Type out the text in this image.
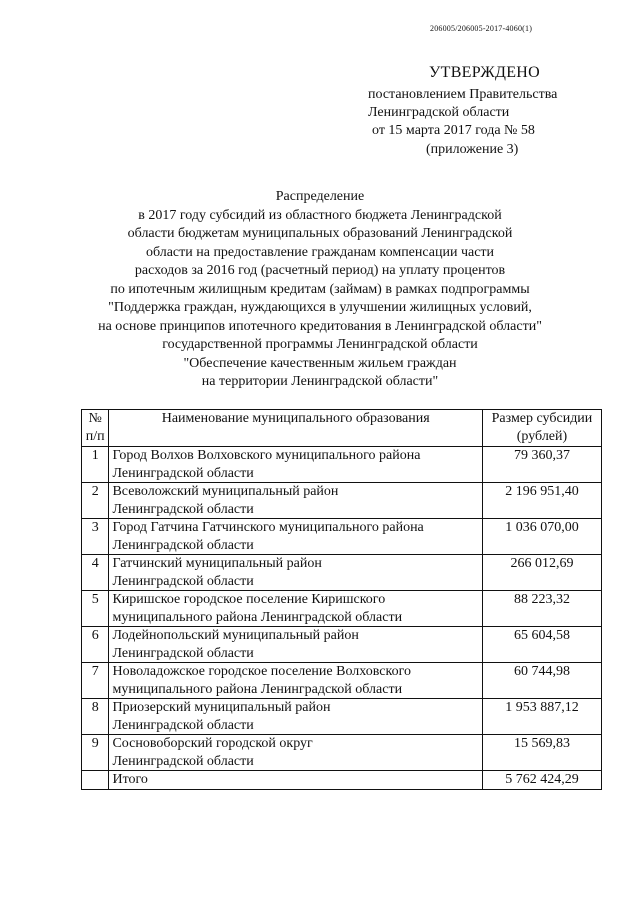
206005/206005-2017-4060(1)
УТВЕРЖДЕНО
постановлением Правительства
Ленинградской области
от 15 марта 2017 года № 58
(приложение 3)
Распределение
в 2017 году субсидий из областного бюджета Ленинградской
области бюджетам муниципальных образований Ленинградской
области на предоставление гражданам компенсации части
расходов за 2016 год (расчетный период) на уплату процентов
по ипотечным жилищным кредитам (займам) в рамках подпрограммы
"Поддержка граждан, нуждающихся в улучшении жилищных условий,
на основе принципов ипотечного кредитования в Ленинградской области"
государственной программы Ленинградской области
"Обеспечение качественным жильем граждан
на территории Ленинградской области"
№
п/п	Наименование муниципального образования	Размер субсидии
(рублей)

1	Город Волхов Волховского муниципального района
Ленинградской области	79 360,37
2	Всеволожский муниципальный район
Ленинградской области	2 196 951,40
3	Город Гатчина Гатчинского муниципального района
Ленинградской области	1 036 070,00
4	Гатчинский муниципальный район
Ленинградской области	266 012,69
5	Киришское городское поселение Киришского
муниципального района Ленинградской области	88 223,32
6	Лодейнопольский муниципальный район
Ленинградской области	65 604,58
7	Новоладожское городское поселение Волховского
муниципального района Ленинградской области	60 744,98
8	Приозерский муниципальный район
Ленинградской области	1 953 887,12
9	Сосновоборский городской округ
Ленинградской области	15 569,83
	Итого	5 762 424,29
